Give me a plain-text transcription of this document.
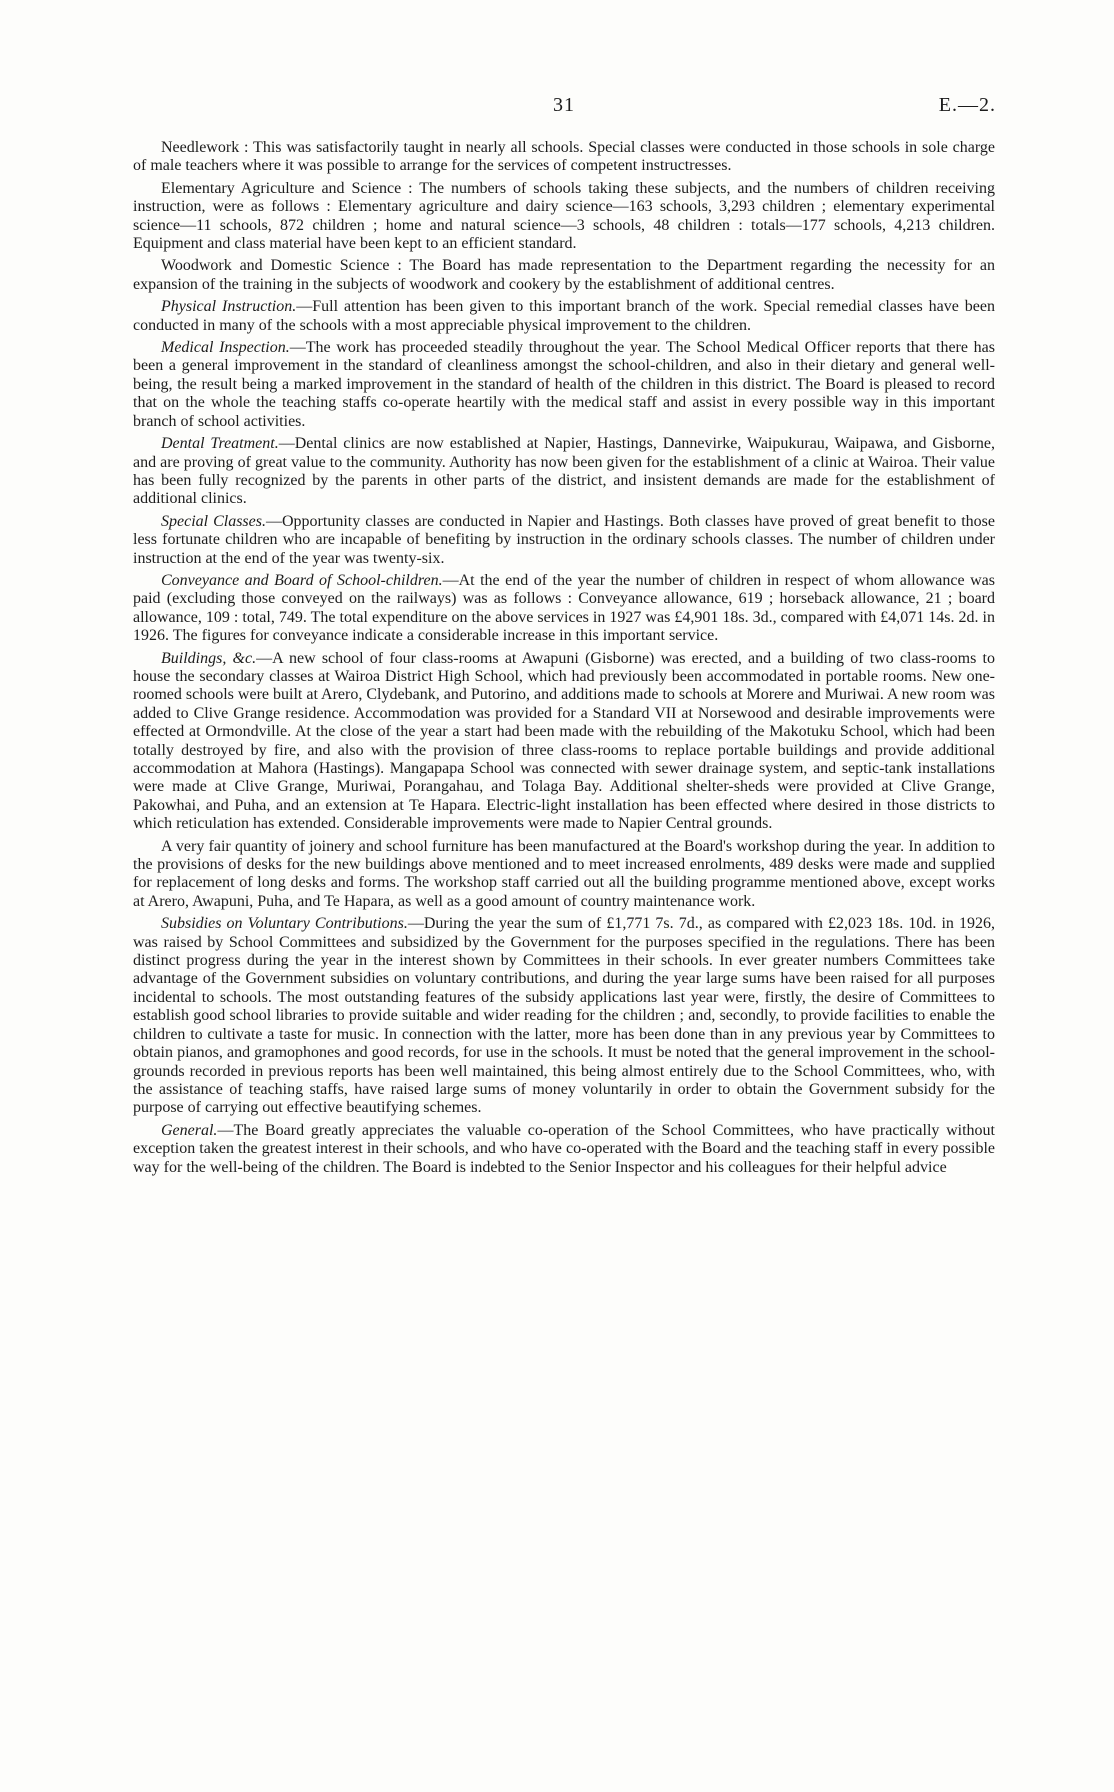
31	E.—2.

Needlework : This was satisfactorily taught in nearly all schools. Special classes were conducted in those schools in sole charge of male teachers where it was possible to arrange for the services of competent instructresses.

Elementary Agriculture and Science : The numbers of schools taking these subjects, and the numbers of children receiving instruction, were as follows : Elementary agriculture and dairy science—163 schools, 3,293 children ; elementary experimental science—11 schools, 872 children ; home and natural science—3 schools, 48 children : totals—177 schools, 4,213 children. Equipment and class material have been kept to an efficient standard.

Woodwork and Domestic Science : The Board has made representation to the Department regarding the necessity for an expansion of the training in the subjects of woodwork and cookery by the establishment of additional centres.

Physical Instruction.—Full attention has been given to this important branch of the work. Special remedial classes have been conducted in many of the schools with a most appreciable physical improvement to the children.

Medical Inspection.—The work has proceeded steadily throughout the year. The School Medical Officer reports that there has been a general improvement in the standard of cleanliness amongst the school-children, and also in their dietary and general well-being, the result being a marked improvement in the standard of health of the children in this district. The Board is pleased to record that on the whole the teaching staffs co-operate heartily with the medical staff and assist in every possible way in this important branch of school activities.

Dental Treatment.—Dental clinics are now established at Napier, Hastings, Dannevirke, Waipukurau, Waipawa, and Gisborne, and are proving of great value to the community. Authority has now been given for the establishment of a clinic at Wairoa. Their value has been fully recognized by the parents in other parts of the district, and insistent demands are made for the establishment of additional clinics.

Special Classes.—Opportunity classes are conducted in Napier and Hastings. Both classes have proved of great benefit to those less fortunate children who are incapable of benefiting by instruction in the ordinary schools classes. The number of children under instruction at the end of the year was twenty-six.

Conveyance and Board of School-children.—At the end of the year the number of children in respect of whom allowance was paid (excluding those conveyed on the railways) was as follows : Conveyance allowance, 619 ; horseback allowance, 21 ; board allowance, 109 : total, 749. The total expenditure on the above services in 1927 was £4,901 18s. 3d., compared with £4,071 14s. 2d. in 1926. The figures for conveyance indicate a considerable increase in this important service.

Buildings, &c.—A new school of four class-rooms at Awapuni (Gisborne) was erected, and a building of two class-rooms to house the secondary classes at Wairoa District High School, which had previously been accommodated in portable rooms. New one-roomed schools were built at Arero, Clydebank, and Putorino, and additions made to schools at Morere and Muriwai. A new room was added to Clive Grange residence. Accommodation was provided for a Standard VII at Norsewood and desirable improvements were effected at Ormondville. At the close of the year a start had been made with the rebuilding of the Makotuku School, which had been totally destroyed by fire, and also with the provision of three class-rooms to replace portable buildings and provide additional accommodation at Mahora (Hastings). Mangapapa School was connected with sewer drainage system, and septic-tank installations were made at Clive Grange, Muriwai, Porangahau, and Tolaga Bay. Additional shelter-sheds were provided at Clive Grange, Pakowhai, and Puha, and an extension at Te Hapara. Electric-light installation has been effected where desired in those districts to which reticulation has extended. Considerable improvements were made to Napier Central grounds.

A very fair quantity of joinery and school furniture has been manufactured at the Board's workshop during the year. In addition to the provisions of desks for the new buildings above mentioned and to meet increased enrolments, 489 desks were made and supplied for replacement of long desks and forms. The workshop staff carried out all the building programme mentioned above, except works at Arero, Awapuni, Puha, and Te Hapara, as well as a good amount of country maintenance work.

Subsidies on Voluntary Contributions.—During the year the sum of £1,771 7s. 7d., as compared with £2,023 18s. 10d. in 1926, was raised by School Committees and subsidized by the Government for the purposes specified in the regulations. There has been distinct progress during the year in the interest shown by Committees in their schools. In ever greater numbers Committees take advantage of the Government subsidies on voluntary contributions, and during the year large sums have been raised for all purposes incidental to schools. The most outstanding features of the subsidy applications last year were, firstly, the desire of Committees to establish good school libraries to provide suitable and wider reading for the children ; and, secondly, to provide facilities to enable the children to cultivate a taste for music. In connection with the latter, more has been done than in any previous year by Committees to obtain pianos, and gramophones and good records, for use in the schools. It must be noted that the general improvement in the school-grounds recorded in previous reports has been well maintained, this being almost entirely due to the School Committees, who, with the assistance of teaching staffs, have raised large sums of money voluntarily in order to obtain the Government subsidy for the purpose of carrying out effective beautifying schemes.

General.—The Board greatly appreciates the valuable co-operation of the School Committees, who have practically without exception taken the greatest interest in their schools, and who have co-operated with the Board and the teaching staff in every possible way for the well-being of the children. The Board is indebted to the Senior Inspector and his colleagues for their helpful advice
